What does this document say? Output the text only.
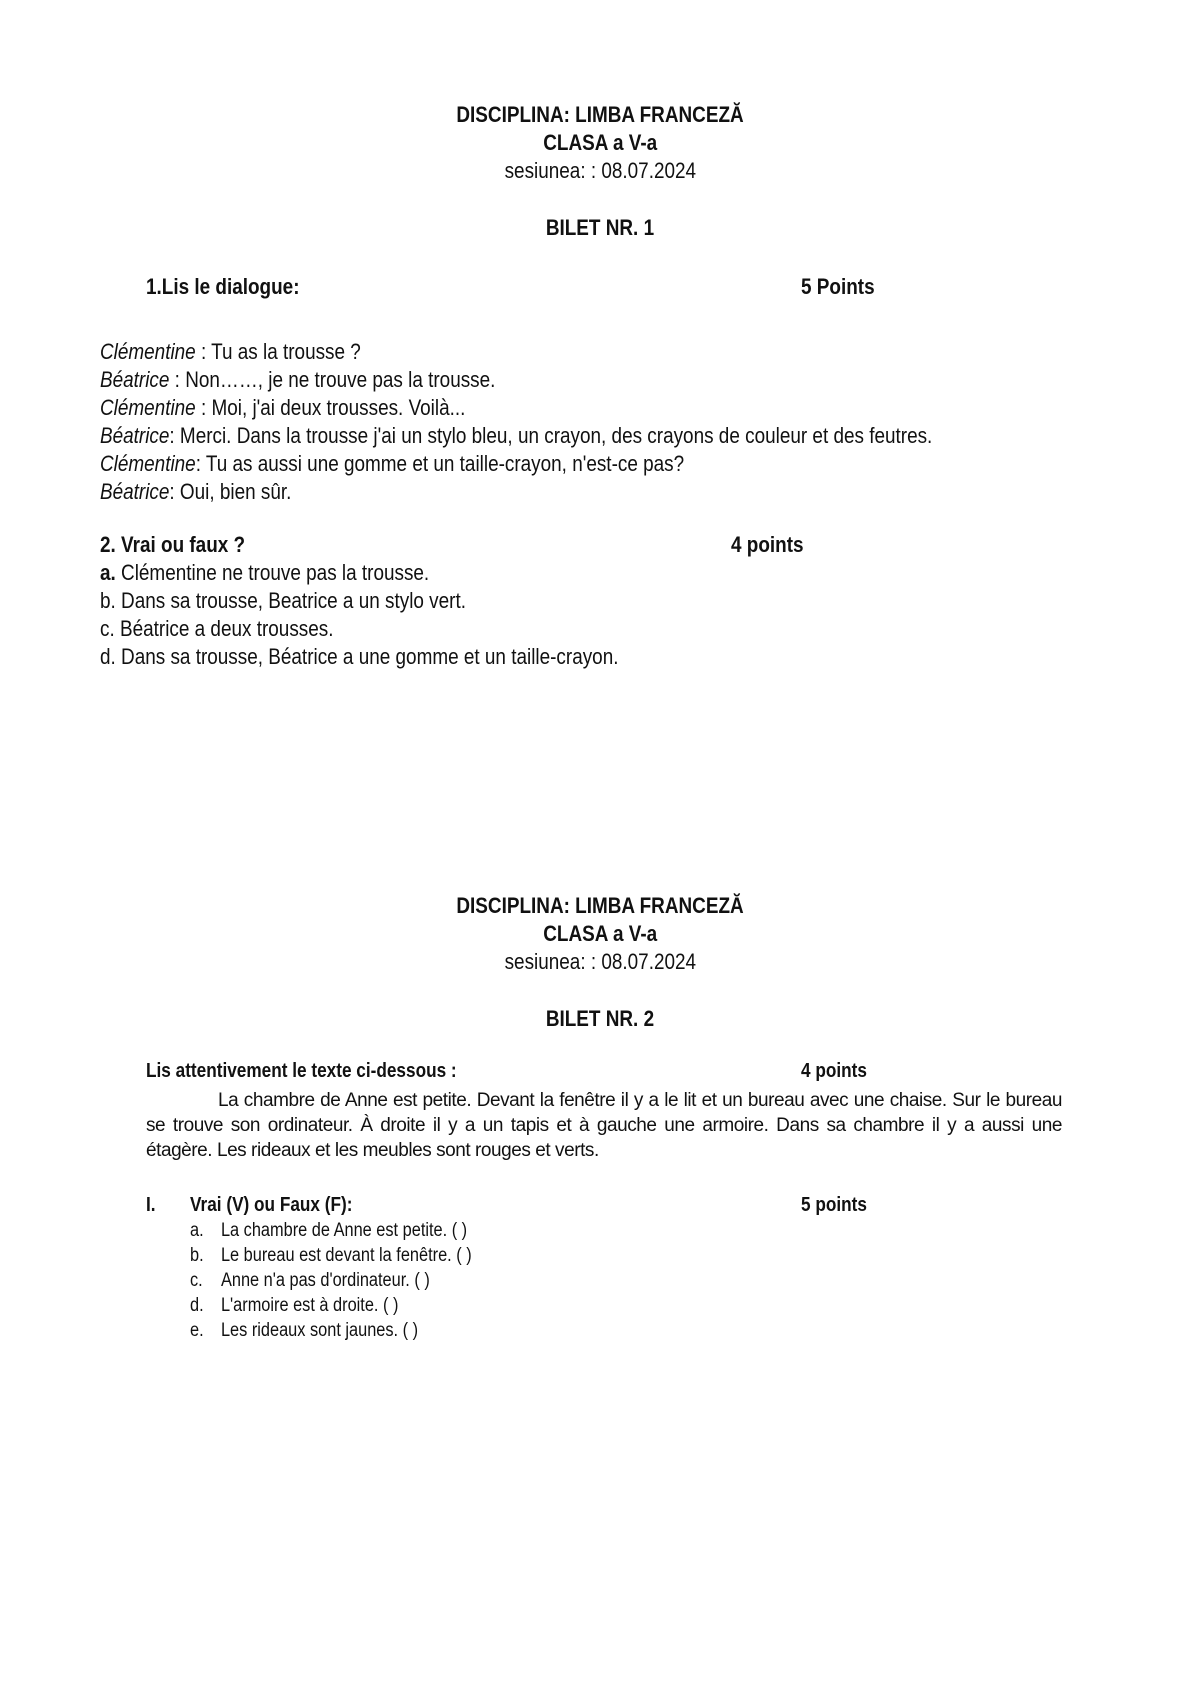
DISCIPLINA: LIMBA FRANCEZĂ
CLASA a V-a
sesiunea: : 08.07.2024
BILET NR. 1
1.Lis le dialogue:	5 Points
Clémentine : Tu as la trousse ?
Béatrice : Non……, je ne trouve pas la trousse.
Clémentine : Moi, j'ai deux trousses. Voilà...
Béatrice: Merci. Dans la trousse j'ai un stylo bleu, un crayon, des crayons de couleur et des feutres.
Clémentine: Tu as aussi une gomme et un taille-crayon, n'est-ce pas?
Béatrice: Oui, bien sûr.
2. Vrai ou faux ?	4 points
a. Clémentine ne trouve pas la trousse.
b. Dans sa trousse, Beatrice a un stylo vert.
c. Béatrice a deux trousses.
d. Dans sa trousse, Béatrice a une gomme et un taille-crayon.
DISCIPLINA: LIMBA FRANCEZĂ
CLASA a V-a
sesiunea: : 08.07.2024
BILET NR. 2
Lis attentivement le texte ci-dessous :	4 points
La chambre de Anne est petite. Devant la fenêtre il y a le lit et un bureau avec une chaise. Sur le bureau se trouve son ordinateur. À droite il y a un tapis et à gauche une armoire. Dans sa chambre il y a aussi une étagère. Les rideaux et les meubles sont rouges et verts.
I. Vrai (V) ou Faux (F):	5 points
a. La chambre de Anne est petite. ( )
b. Le bureau est devant la fenêtre. ( )
c. Anne n'a pas d'ordinateur. ( )
d. L'armoire est à droite. ( )
e. Les rideaux sont jaunes. ( )
